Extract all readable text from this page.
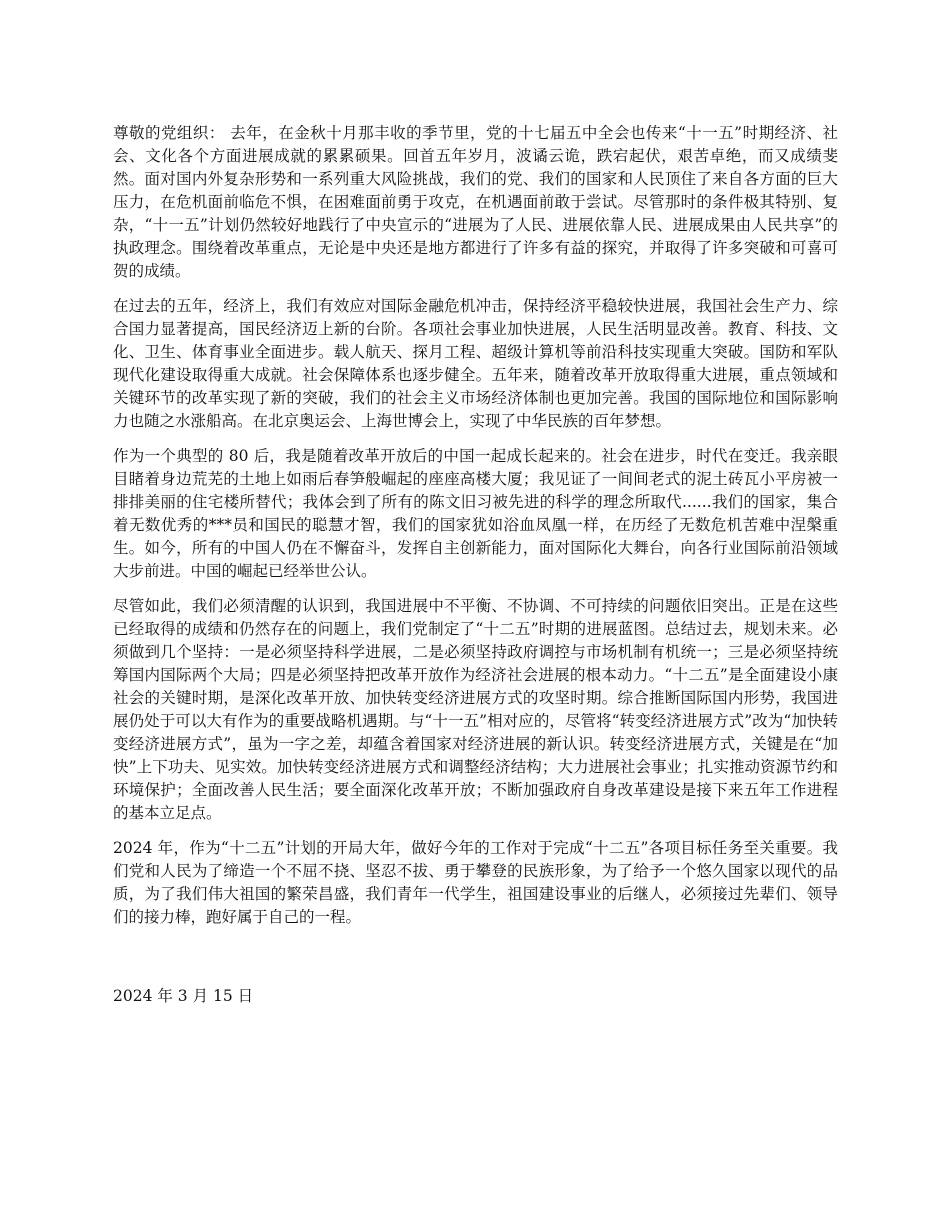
尊敬的党组织： 去年，在金秋十月那丰收的季节里，党的十七届五中全会也传来“十一五”时期经济、社会、文化各个方面进展成就的累累硕果。回首五年岁月，波谲云诡，跌宕起伏，艰苦卓绝，而又成绩斐然。面对国内外复杂形势和一系列重大风险挑战，我们的党、我们的国家和人民顶住了来自各方面的巨大压力，在危机面前临危不惧，在困难面前勇于攻克，在机遇面前敢于尝试。尽管那时的条件极其特别、复杂，“十一五”计划仍然较好地践行了中央宣示的“进展为了人民、进展依靠人民、进展成果由人民共享”的执政理念。围绕着改革重点，无论是中央还是地方都进行了许多有益的探究，并取得了许多突破和可喜可贺的成绩。

在过去的五年，经济上，我们有效应对国际金融危机冲击，保持经济平稳较快进展，我国社会生产力、综合国力显著提高，国民经济迈上新的台阶。各项社会事业加快进展，人民生活明显改善。教育、科技、文化、卫生、体育事业全面进步。载人航天、探月工程、超级计算机等前沿科技实现重大突破。国防和军队现代化建设取得重大成就。社会保障体系也逐步健全。五年来，随着改革开放取得重大进展，重点领域和关键环节的改革实现了新的突破，我们的社会主义市场经济体制也更加完善。我国的国际地位和国际影响力也随之水涨船高。在北京奥运会、上海世博会上，实现了中华民族的百年梦想。

作为一个典型的 80 后，我是随着改革开放后的中国一起成长起来的。社会在进步，时代在变迁。我亲眼目睹着身边荒芜的土地上如雨后春笋般崛起的座座高楼大厦；我见证了一间间老式的泥土砖瓦小平房被一排排美丽的住宅楼所替代；我体会到了所有的陈文旧习被先进的科学的理念所取代......我们的国家，集合着无数优秀的***员和国民的聪慧才智，我们的国家犹如浴血凤凰一样，在历经了无数危机苦难中涅槃重生。如今，所有的中国人仍在不懈奋斗，发挥自主创新能力，面对国际化大舞台，向各行业国际前沿领域大步前进。中国的崛起已经举世公认。

尽管如此，我们必须清醒的认识到，我国进展中不平衡、不协调、不可持续的问题依旧突出。正是在这些已经取得的成绩和仍然存在的问题上，我们党制定了“十二五”时期的进展蓝图。总结过去，规划未来。必须做到几个坚持：一是必须坚持科学进展，二是必须坚持政府调控与市场机制有机统一；三是必须坚持统筹国内国际两个大局；四是必须坚持把改革开放作为经济社会进展的根本动力。“十二五”是全面建设小康社会的关键时期，是深化改革开放、加快转变经济进展方式的攻坚时期。综合推断国际国内形势，我国进展仍处于可以大有作为的重要战略机遇期。与“十一五”相对应的，尽管将“转变经济进展方式”改为“加快转变经济进展方式”，虽为一字之差，却蕴含着国家对经济进展的新认识。转变经济进展方式，关键是在“加快”上下功夫、见实效。加快转变经济进展方式和调整经济结构；大力进展社会事业；扎实推动资源节约和环境保护；全面改善人民生活；要全面深化改革开放；不断加强政府自身改革建设是接下来五年工作进程的基本立足点。

2024 年，作为“十二五”计划的开局大年，做好今年的工作对于完成“十二五”各项目标任务至关重要。我们党和人民为了缔造一个不屈不挠、坚忍不拔、勇于攀登的民族形象，为了给予一个悠久国家以现代的品质，为了我们伟大祖国的繁荣昌盛，我们青年一代学生，祖国建设事业的后继人，必须接过先辈们、领导们的接力棒，跑好属于自己的一程。

2024 年 3 月 15 日
